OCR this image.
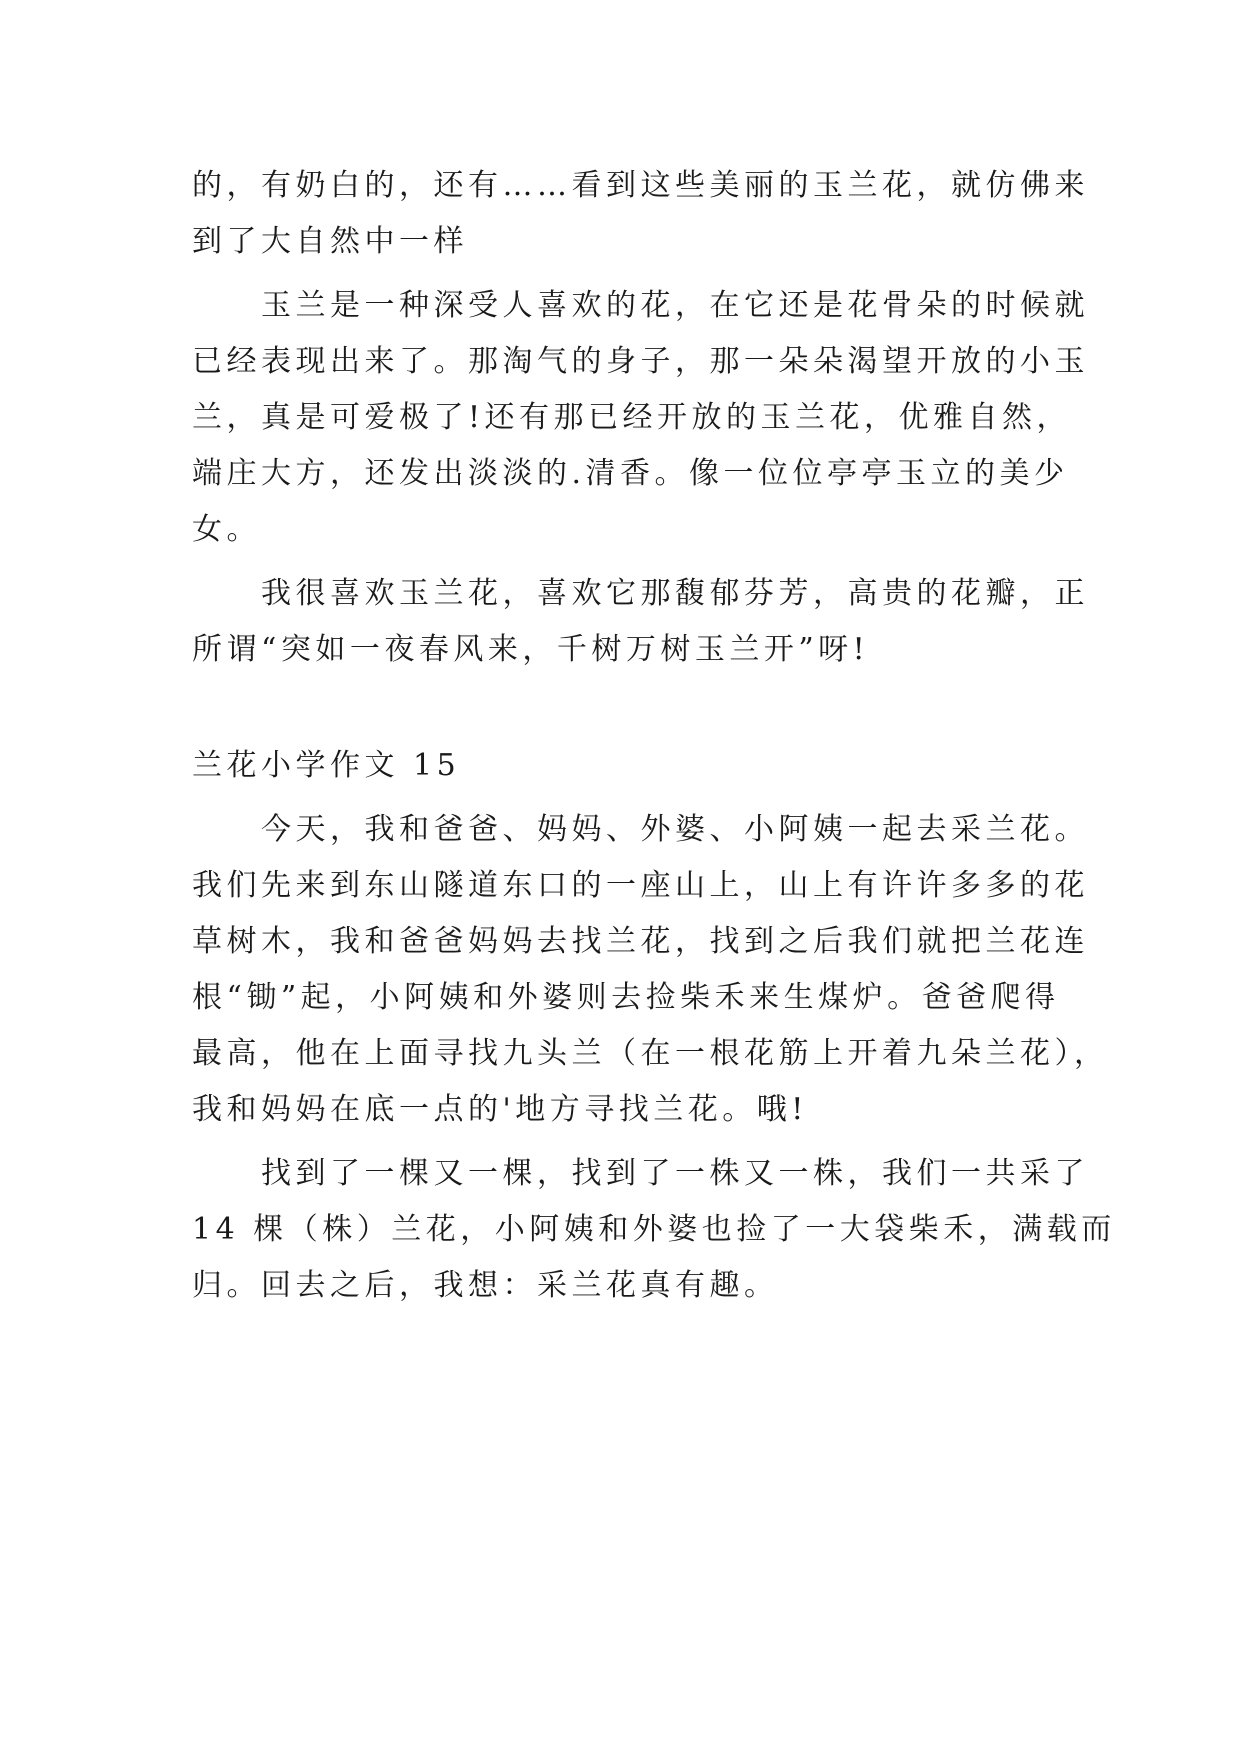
的，有奶白的，还有……看到这些美丽的玉兰花，就仿佛来
到了大自然中一样
　　玉兰是一种深受人喜欢的花，在它还是花骨朵的时候就
已经表现出来了。那淘气的身子，那一朵朵渴望开放的小玉
兰，真是可爱极了!还有那已经开放的玉兰花，优雅自然，
端庄大方，还发出淡淡的.清香。像一位位亭亭玉立的美少
女。
　　我很喜欢玉兰花，喜欢它那馥郁芬芳，高贵的花瓣，正
所谓“突如一夜春风来，千树万树玉兰开”呀!
兰花小学作文 15
　　今天，我和爸爸、妈妈、外婆、小阿姨一起去采兰花。
我们先来到东山隧道东口的一座山上，山上有许许多多的花
草树木，我和爸爸妈妈去找兰花，找到之后我们就把兰花连
根“锄”起，小阿姨和外婆则去捡柴禾来生煤炉。爸爸爬得
最高，他在上面寻找九头兰（在一根花筋上开着九朵兰花），
我和妈妈在底一点的'地方寻找兰花。哦!
　　找到了一棵又一棵，找到了一株又一株，我们一共采了
14 棵（株）兰花，小阿姨和外婆也捡了一大袋柴禾，满载而
归。回去之后，我想：采兰花真有趣。
